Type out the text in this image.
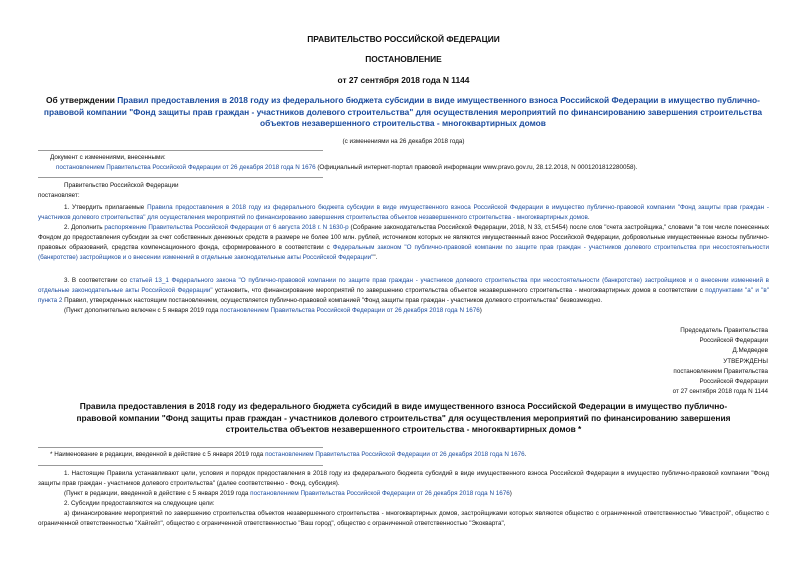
ПРАВИТЕЛЬСТВО РОССИЙСКОЙ ФЕДЕРАЦИИ
ПОСТАНОВЛЕНИЕ
от 27 сентября 2018 года N 1144
Об утверждении Правил предоставления в 2018 году из федерального бюджета субсидии в виде имущественного взноса Российской Федерации в имущество публично-правовой компании "Фонд защиты прав граждан - участников долевого строительства" для осуществления мероприятий по финансированию завершения строительства объектов незавершенного строительства - многоквартирных домов
(с изменениями на 26 декабря 2018 года)

Документ с изменениями, внесенными:

постановлением Правительства Российской Федерации от 26 декабря 2018 года N 1676 (Официальный интернет-портал правовой информации www.pravo.gov.ru, 28.12.2018, N 0001201812280058).

Правительство Российской Федерации

постановляет:

1. Утвердить прилагаемые Правила предоставления в 2018 году из федерального бюджета субсидии в виде имущественного взноса Российской Федерации в имущество публично-правовой компании "Фонд защиты прав граждан - участников долевого строительства" для осуществления мероприятий по финансированию завершения строительства объектов незавершенного строительства - многоквартирных домов.

2. Дополнить распоряжение Правительства Российской Федерации от 6 августа 2018 г. N 1630-р (Собрание законодательства Российской Федерации, 2018, N 33, ст.5454) после слов "счета застройщика," словами "в том числе понесенных Фондом до предоставления субсидии за счет собственных денежных средств в размере не более 100 млн. рублей, источником которых не являются имущественный взнос Российской Федерации, добровольные имущественные взносы публично-правовых образований, средства компенсационного фонда, сформированного в соответствии с Федеральным законом "О публично-правовой компании по защите прав граждан - участников долевого строительства при несостоятельности (банкротстве) застройщиков и о внесении изменений в отдельные законодательные акты Российской Федерации"".

3. В соответствии со статьей 13_1 Федерального закона "О публично-правовой компании по защите прав граждан - участников долевого строительства при несостоятельности (банкротстве) застройщиков и о внесении изменений в отдельные законодательные акты Российской Федерации" установить, что финансирование мероприятий по завершению строительства объектов незавершенного строительства - многоквартирных домов в соответствии с подпунктами "а" и "в" пункта 2 Правил, утвержденных настоящим постановлением, осуществляется публично-правовой компанией "Фонд защиты прав граждан - участников долевого строительства" безвозмездно.

(Пункт дополнительно включен с 5 января 2019 года постановлением Правительства Российской Федерации от 26 декабря 2018 года N 1676)

Председатель Правительства

Российской Федерации

Д.Медведев

УТВЕРЖДЕНЫ

постановлением Правительства

Российской Федерации

от 27 сентября 2018 года N 1144

Правила предоставления в 2018 году из федерального бюджета субсидий в виде имущественного взноса Российской Федерации в имущество публично-правовой компании "Фонд защиты прав граждан - участников долевого строительства" для осуществления мероприятий по финансированию завершения строительства объектов незавершенного строительства - многоквартирных домов *
* Наименование в редакции, введенной в действие с 5 января 2019 года постановлением Правительства Российской Федерации от 26 декабря 2018 года N 1676.

1. Настоящие Правила устанавливают цели, условия и порядок предоставления в 2018 году из федерального бюджета субсидий в виде имущественного взноса Российской Федерации в имущество публично-правовой компании "Фонд защиты прав граждан - участников долевого строительства" (далее соответственно - Фонд, субсидия).

(Пункт в редакции, введенной в действие с 5 января 2019 года постановлением Правительства Российской Федерации от 26 декабря 2018 года N 1676)

2. Субсидии предоставляются на следующие цели:

а) финансирование мероприятий по завершению строительства объектов незавершенного строительства - многоквартирных домов, застройщиками которых являются общество с ограниченной ответственностью "Ивастрой", общество с ограниченной ответственностью "Хайгейт", общество с ограниченной ответственностью "Ваш город", общество с ограниченной ответственностью "Экокварта",
